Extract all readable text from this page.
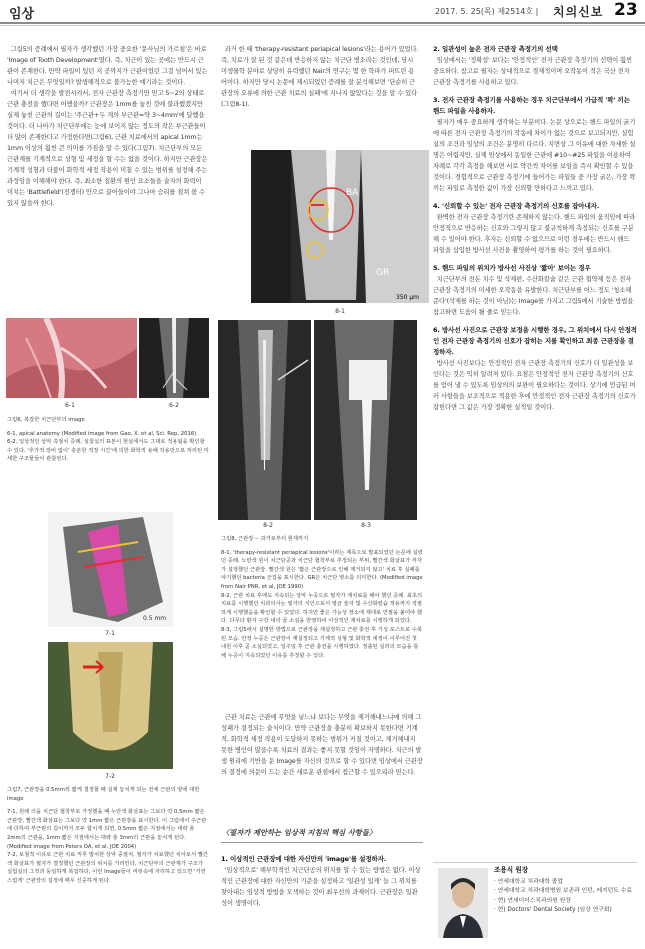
임상	2017. 5. 25(목) 제2514호 | 치의신보 23

그림5의 증례에서 필자가 생각했던 가장 중요한 '문사님의 가르침'은 바로 'Image of Tooth Development'였다. 즉, 치근이 있는 곳에는 반드시 근관이 존재한다. 만약 파일이 있던 저 곳까지가 근관이었던 그걸 넘어서 있는 나머지 치근은 무엇일까? 발생해적으로 불가능한 얘기라는 것이다.

여기서 더 생각을 발전시켜서, 전자 근관장 측정기만 믿고 5~2의 상태로 근관 충전을 했다면 어땠을까? 근관장은 1mm를 놓친 것에 불과했겠지만 실제 놓친 근관의 길이는 '주근관+두 개의 부근관=약 3~4mm'에 달했을 것이다. 더 나아가 치근단부에는 눈에 보이지 않는 정도의 작은 부근관들이 더 많이 존재한다고 가정한다면(그림6), 근관 치료에서의 apical 1mm는 1mm 이상의 훨씬 큰 의미를 가짐을 알 수 있다(그림7). 치근단부의 모든 근관계를 기계적으로 성형 및 세정을 할 수는 없을 것이다. 하지만 근관장은 기계적 성형과 더불어 화학적 세정 작용이 미칠 수 있는 범위를 설정해 주는 과정임을 이해해야 한다. 즉, 최소한 질환의 원인 요소들을 술자의 화력이 미치는 'Battlefield'(전쟁터) 안으로 끌어들이야 그나마 승리를 점쳐 볼 수 있지 않을까 한다.

6-1	6-2

그림6, 복잡한 치근단부의 image

6-1, apical anatomy (Modified image from Gao, X. et al, Sci. Rep, 2016)

6-2, 일상적인 상악 측절치 증례, 실험실의 표본이 현실에서도 그대로 적용됨을 확인할 수 있다. '추가적 장비 없이' 충분한 적정 시간'에 의한 화학적 용해 작용만으로 처리된 미세한 구조물들이 관찰된다.

0.5 mm
7-1
7-2

그림7, 근관장을 0.5mm씩 짧게 결정할 때 실제 놓치게 되는 전체 근관의 양에 대한 image

7-1, 원래 의을 치근단 협착부로 가정했을 때 누란색 화살표는 그보다 약 0.5mm 짧은 근관장, 빨간색 화살표는 그보다 약 1mm 짧은 근관장을 표시한다. 이 그림에서 주근관에 더하여 부근관의 길이까지 모두 합치게 되면, 0.5mm 짧은 지점에서는 대략 총 2mm의 근관을, 1mm 짧은 지점에서는 대략 총 3mm의 근관을 놓치게 된다. (Modified image from Peters OA, et al, JOE 2004)

7-2, 보철적 이유로 근관 치료 직후 발치한 상악 중절치, 필자가 치료했던 치아로서 빨간색 화살표가 필자가 결정했던 근관장의 위치를 가리킨다, 치근단부의 근관계가 구조가 실험실의 그것과 동일하게 복잡하다, 이런 Image들이 머릿속에 자리하고 있으면 '거연스럽게' 근관장의 설정에 매우 신중하게 된다.

과거 한 때 'therapy-resistant periapical lesions'라는 용어가 있었다. 즉, 치료가 잘 된 것 같은데 반응하지 않는 치근단 병소라는 것인데, 당시 미생물학 분야로 상당히 유력했던 Nair의 연구는 몇 한 학파가 퍼뜨린 용어이다. 하지만 당시 논문에 제시되었던 증례를 잘 분석해보면 '단순히 근관장의 오류에 의한 근관 치료의 실패'에 지나지 않았다는 것을 알 수 있다(그림8-1).

BA
GR
350 μm
8-1
8-2	8-3

그림8, 근관장 -- 과거로부터 현재까지

8-1, 'therapy-resistant periapical lesions'이라는 제목으로 발표되었던 논문에 실렸던 증례. 노란색 원이 치근단공과 치근단 협착부로 추정되는 부위, 빨간색 화살표가 저자가 설정했던 근관장. 빨간색 원은 '짧은 근관장으로 인해 제거되지 않고' 치료 후 실패를 야기했던 bacteria 군집을 표시한다. GR은 치근단 병소를 의미한다. (Modified image from Nair PNR, et al, JOE 1990)

8-2, 근관 치료 후에도 지속되는 상악 누공으로 필자가 재치료를 해야 했던 증례. 최초의 치료를 시행했던 치과의사는 필자의 지인으로서 평균 술자 및 수산화칼슘 적용까지 적절하게 시행했음을 확인할 수 있었다. 하지만 좋은 가능성 장소에 제대로 연필을 붙여야 했다. 다무다 환자 구강 내의 골 소실을 반영하여 이상적인 재치료를 시행하게 되었다.

8-3, 그림5에서 설명한 방법으로 근관장을 재설정하고 근관 충전 후 기성 포스트로 수복된 모습. 안정 누공은 근관장이 재설정되고 기계적 성형 및 화학적 세정이 이루어진 첫 내원 이후 곧 소실되었고, 일주일 후 근관 충전을 시행하였다. 정출된 실러의 모습을 통해 누공이 지속되었던 이유를 추정할 수 있다.

근관 치료는 근관에 무엇을 넣느냐 보다는 무엇을 제거해내느냐에 의해 그 성패가 결정되는 술식이다. 만약 근관장을 충분히 확보하지 못한다면 기계적, 화학적 세정 작용이 도달하지 못하는 범위가 커질 것이고, 제거해내지 못한 병인이 많을수록 치료의 결과는 좋지 못할 것임이 자명하다. 치근의 발생 원리에 기반을 둔 Image를 자신의 것으로 할 수 있다면 임상에서 근관장의 결정에 의문이 드는 순간 새로운 관점에서 접근할 수 있으리라 믿는다.

〈필자가 제안하는 임상적 지침의 핵심 사항들〉
1. 이상적인 근관장에 대한 자신만의 'image'를 설정하자.

'임상적으로' 해부학적인 치근단공의 위치를 알 수 있는 방법은 없다. 이상적인 근관장에 대한 자신만의 기준을 설정하고 '일관성 있게' 늘 그 위치를 찾아내는 임상적 방법을 모색하는 것이 최우선의 과제이다. 근관장은 일관성이 생명이다.

2. 일관성이 높은 전자 근관장 측정기의 선택

임상에서는 '정확성' 보다는 '안정적인' 전자 근관장 측정기의 선택이 훨씬 중요하다. 참고로 필자는 상대적으로 경제적이며 오작동이 적은 국산 전자 근관장 측정기를 사용하고 있다.

3. 전자 근관장 측정기를 사용하는 경우 치근단부에서 가급적 '꽉' 끼는 핸드 파일을 사용하자.

필자가 매우 중요하게 생각하는 부분이다. 논문 상으로는 핸드 파일의 굵기에 따른 전자 근관장 측정기의 작동에 차이가 없는 것으로 보고되지만, 실험실의 조건과 임상의 조건은 분명히 다르다. 지면상 그 이유에 대한 자세한 설명은 어렵지만, 실제 임상에서 동일한 근관에 #10~#25 파일을 이용하여 차례로 각각 측정을 해보면 서로 약간씩 차이를 보임을 즉시 확인할 수 있을 것이다. 경험적으로 근관장 측정기에 들어가는 파일들 중 가장 굵은, 가장 꽉 끼는 파일로 측정한 값이 가장 신뢰할 만하다고 느끼고 있다.

4. '신뢰할 수 있는' 전자 근관장 측정기의 신호를 잡아내자.

완벽한 전자 근관장 측정기란 존재하지 않는다. 핸드 파일의 움직임에 따라 안정적으로 반응하는 신호와 그렇지 않고 불규칙하게 측정되는 신호를 구분해 수 있어야 한다. 후자는 신뢰할 수 없으므로 이런 경우에는 반드시 핸드 파일을 삽입한 방사선 사진을 촬영하여 평가를 하는 것이 필요하다.

5. 핸드 파일의 위치가 방사선 사진상 '짧아' 보이는 경우

치근단부의 전돈 치수 및 삭제편, 수산화칼슘 같은 근관 첩약제 등은 전자 근관장 측정기의 미세한 오작동을 유발한다. 치근단부를 어느 정도 '청소해준다'(삭제를 하는 것이 아님)는 Image를 가지고 그림5에서 기술한 방법을 참고하면 도움이 될 줄로 믿는다.

6. 방사선 사진으로 근관장 보정을 시행한 경우, 그 위치에서 다시 안정적인 전자 근관장 측정기의 신호가 잡히는 지를 확인하고 최종 근관장을 결정하자.

방사선 사진보다는 안정적인 전자 근관장 측정기의 신호가 더 일관성을 보인다는 것은 익히 알려져 있다. 요점은 안정적인 전자 근관장 측정기의 신호를 얻어 낼 수 있도록 임상의의 보완이 필요하다는 것이다. 상기에 언급된 여러 사항들을 보조적으로 적용한 후에 안정적인 전자 근관장 측정기의 신호가 잡힌다면 그 값은 가장 정확한 실적일 것이다.

조용식 원장
· 연세대학교 치과대학 졸업
· 연세대학교 치과대학병원 보존과 인턴, 레지던트 수료
· 현) 연세더더스치과의원 원장
· 현) Doctors' Dental Society (임상 연구회)
